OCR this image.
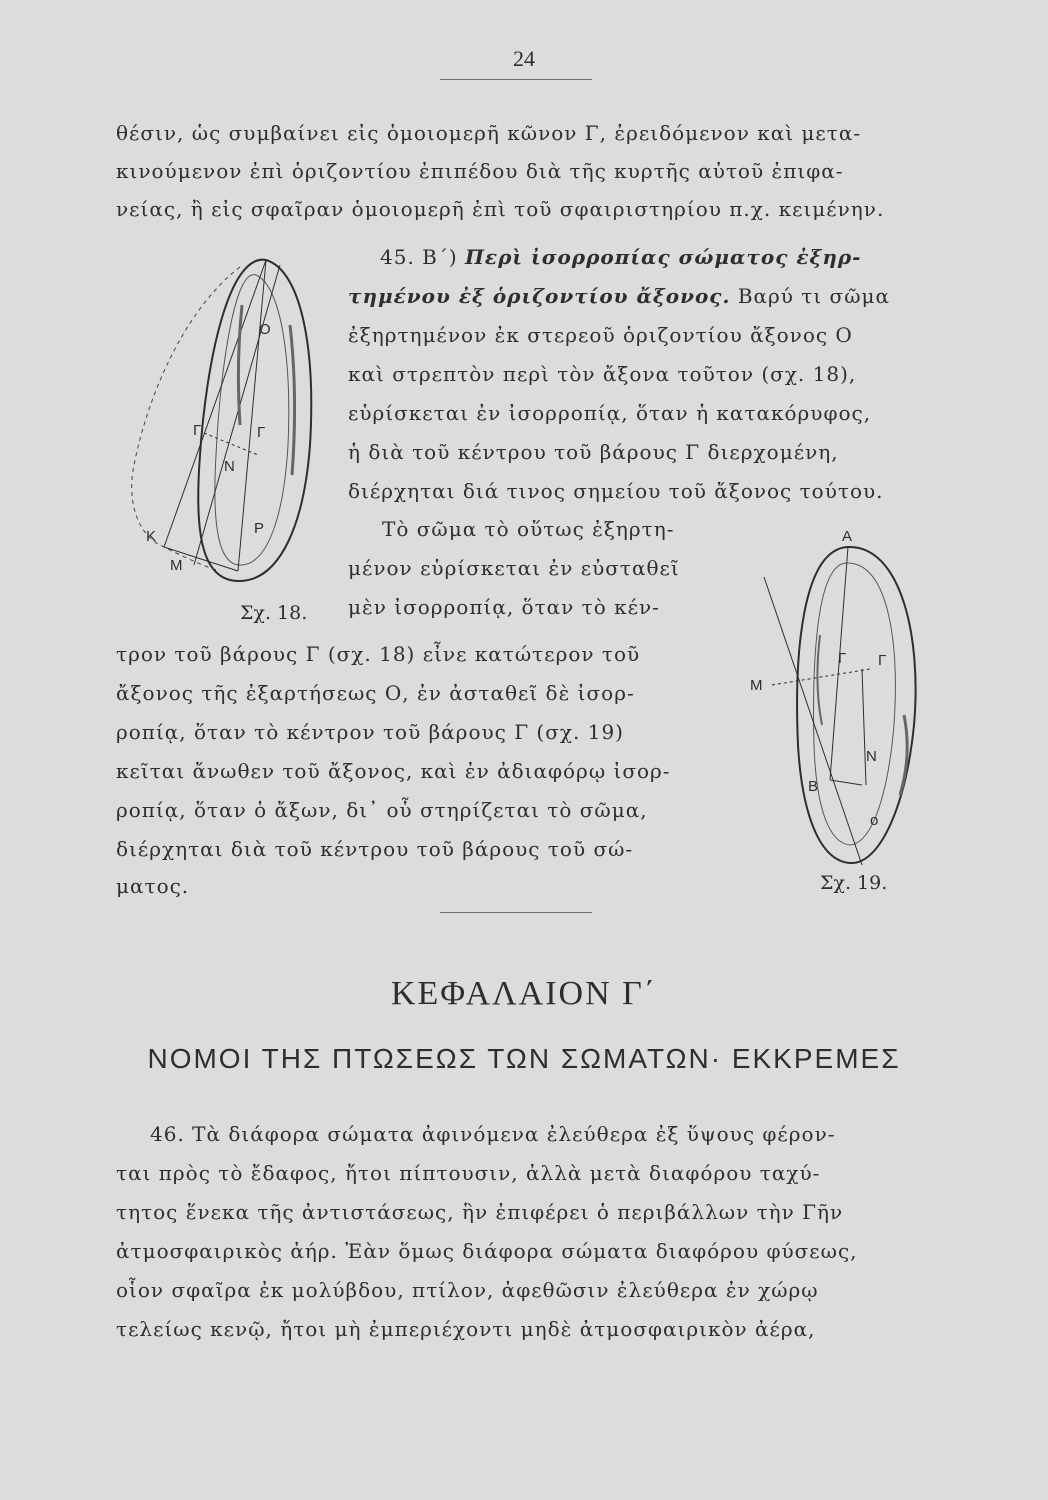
24
θέσιν, ὡς συμβαίνει εἰς ὁμοιομερῆ κῶνον Γ, ἐρειδόμενον καὶ μετα-
κινούμενον ἐπὶ ὁριζοντίου ἐπιπέδου διὰ τῆς κυρτῆς αὐτοῦ ἐπιφα-
νείας, ἢ εἰς σφαῖραν ὁμοιομερῆ ἐπὶ τοῦ σφαιριστηρίου π.χ. κειμένην.
45. Β΄) Περὶ ἰσορροπίας σώματος ἐξηρ-
τημένου ἐξ ὁριζοντίου ἄξονος. Βαρύ τι σῶμα
ἐξηρτημένον ἐκ στερεοῦ ὁριζοντίου ἄξονος Ο
καὶ στρεπτὸν περὶ τὸν ἄξονα τοῦτον (σχ. 18),
εὑρίσκεται ἐν ἰσορροπίᾳ, ὅταν ἡ κατακόρυφος,
ἡ διὰ τοῦ κέντρου τοῦ βάρους Γ διερχομένη,
διέρχηται διά τινος σημείου τοῦ ἄξονος τούτου.
Τὸ σῶμα τὸ οὕτως ἐξηρτη-
μένον εὑρίσκεται ἐν εὐσταθεῖ
μὲν ἰσορροπίᾳ, ὅταν τὸ κέν-
τρον τοῦ βάρους Γ (σχ. 18) εἶνε κατώτερον τοῦ
ἄξονος τῆς ἐξαρτήσεως Ο, ἐν ἀσταθεῖ δὲ ἰσορ-
ροπίᾳ, ὅταν τὸ κέντρον τοῦ βάρους Γ (σχ. 19)
κεῖται ἄνωθεν τοῦ ἄξονος, καὶ ἐν ἀδιαφόρῳ ἰσορ-
ροπίᾳ, ὅταν ὁ ἄξων, δι᾽ οὗ στηρίζεται τὸ σῶμα,
διέρχηται διὰ τοῦ κέντρου τοῦ βάρους τοῦ σώ-
ματος.
O
Γ	Γ
N
P
K
M
Σχ. 18.
A
Γ Γ
M
N
B
o
Σχ. 19.
ΚΕΦΑΛΑΙΟΝ Γ΄
ΝΟΜΟΙ ΤΗΣ ΠΤΩΣΕΩΣ ΤΩΝ ΣΩΜΑΤΩΝ· ΕΚΚΡΕΜΕΣ
46. Τὰ διάφορα σώματα ἀφινόμενα ἐλεύθερα ἐξ ὕψους φέρον-
ται πρὸς τὸ ἔδαφος, ἤτοι πίπτουσιν, ἀλλὰ μετὰ διαφόρου ταχύ-
τητος ἕνεκα τῆς ἀντιστάσεως, ἣν ἐπιφέρει ὁ περιβάλλων τὴν Γῆν
ἀτμοσφαιρικὸς ἀήρ. Ἐὰν ὅμως διάφορα σώματα διαφόρου φύσεως,
οἷον σφαῖρα ἐκ μολύβδου, πτίλον, ἀφεθῶσιν ἐλεύθερα ἐν χώρῳ
τελείως κενῷ, ἤτοι μὴ ἐμπεριέχοντι μηδὲ ἀτμοσφαιρικὸν ἀέρα,
